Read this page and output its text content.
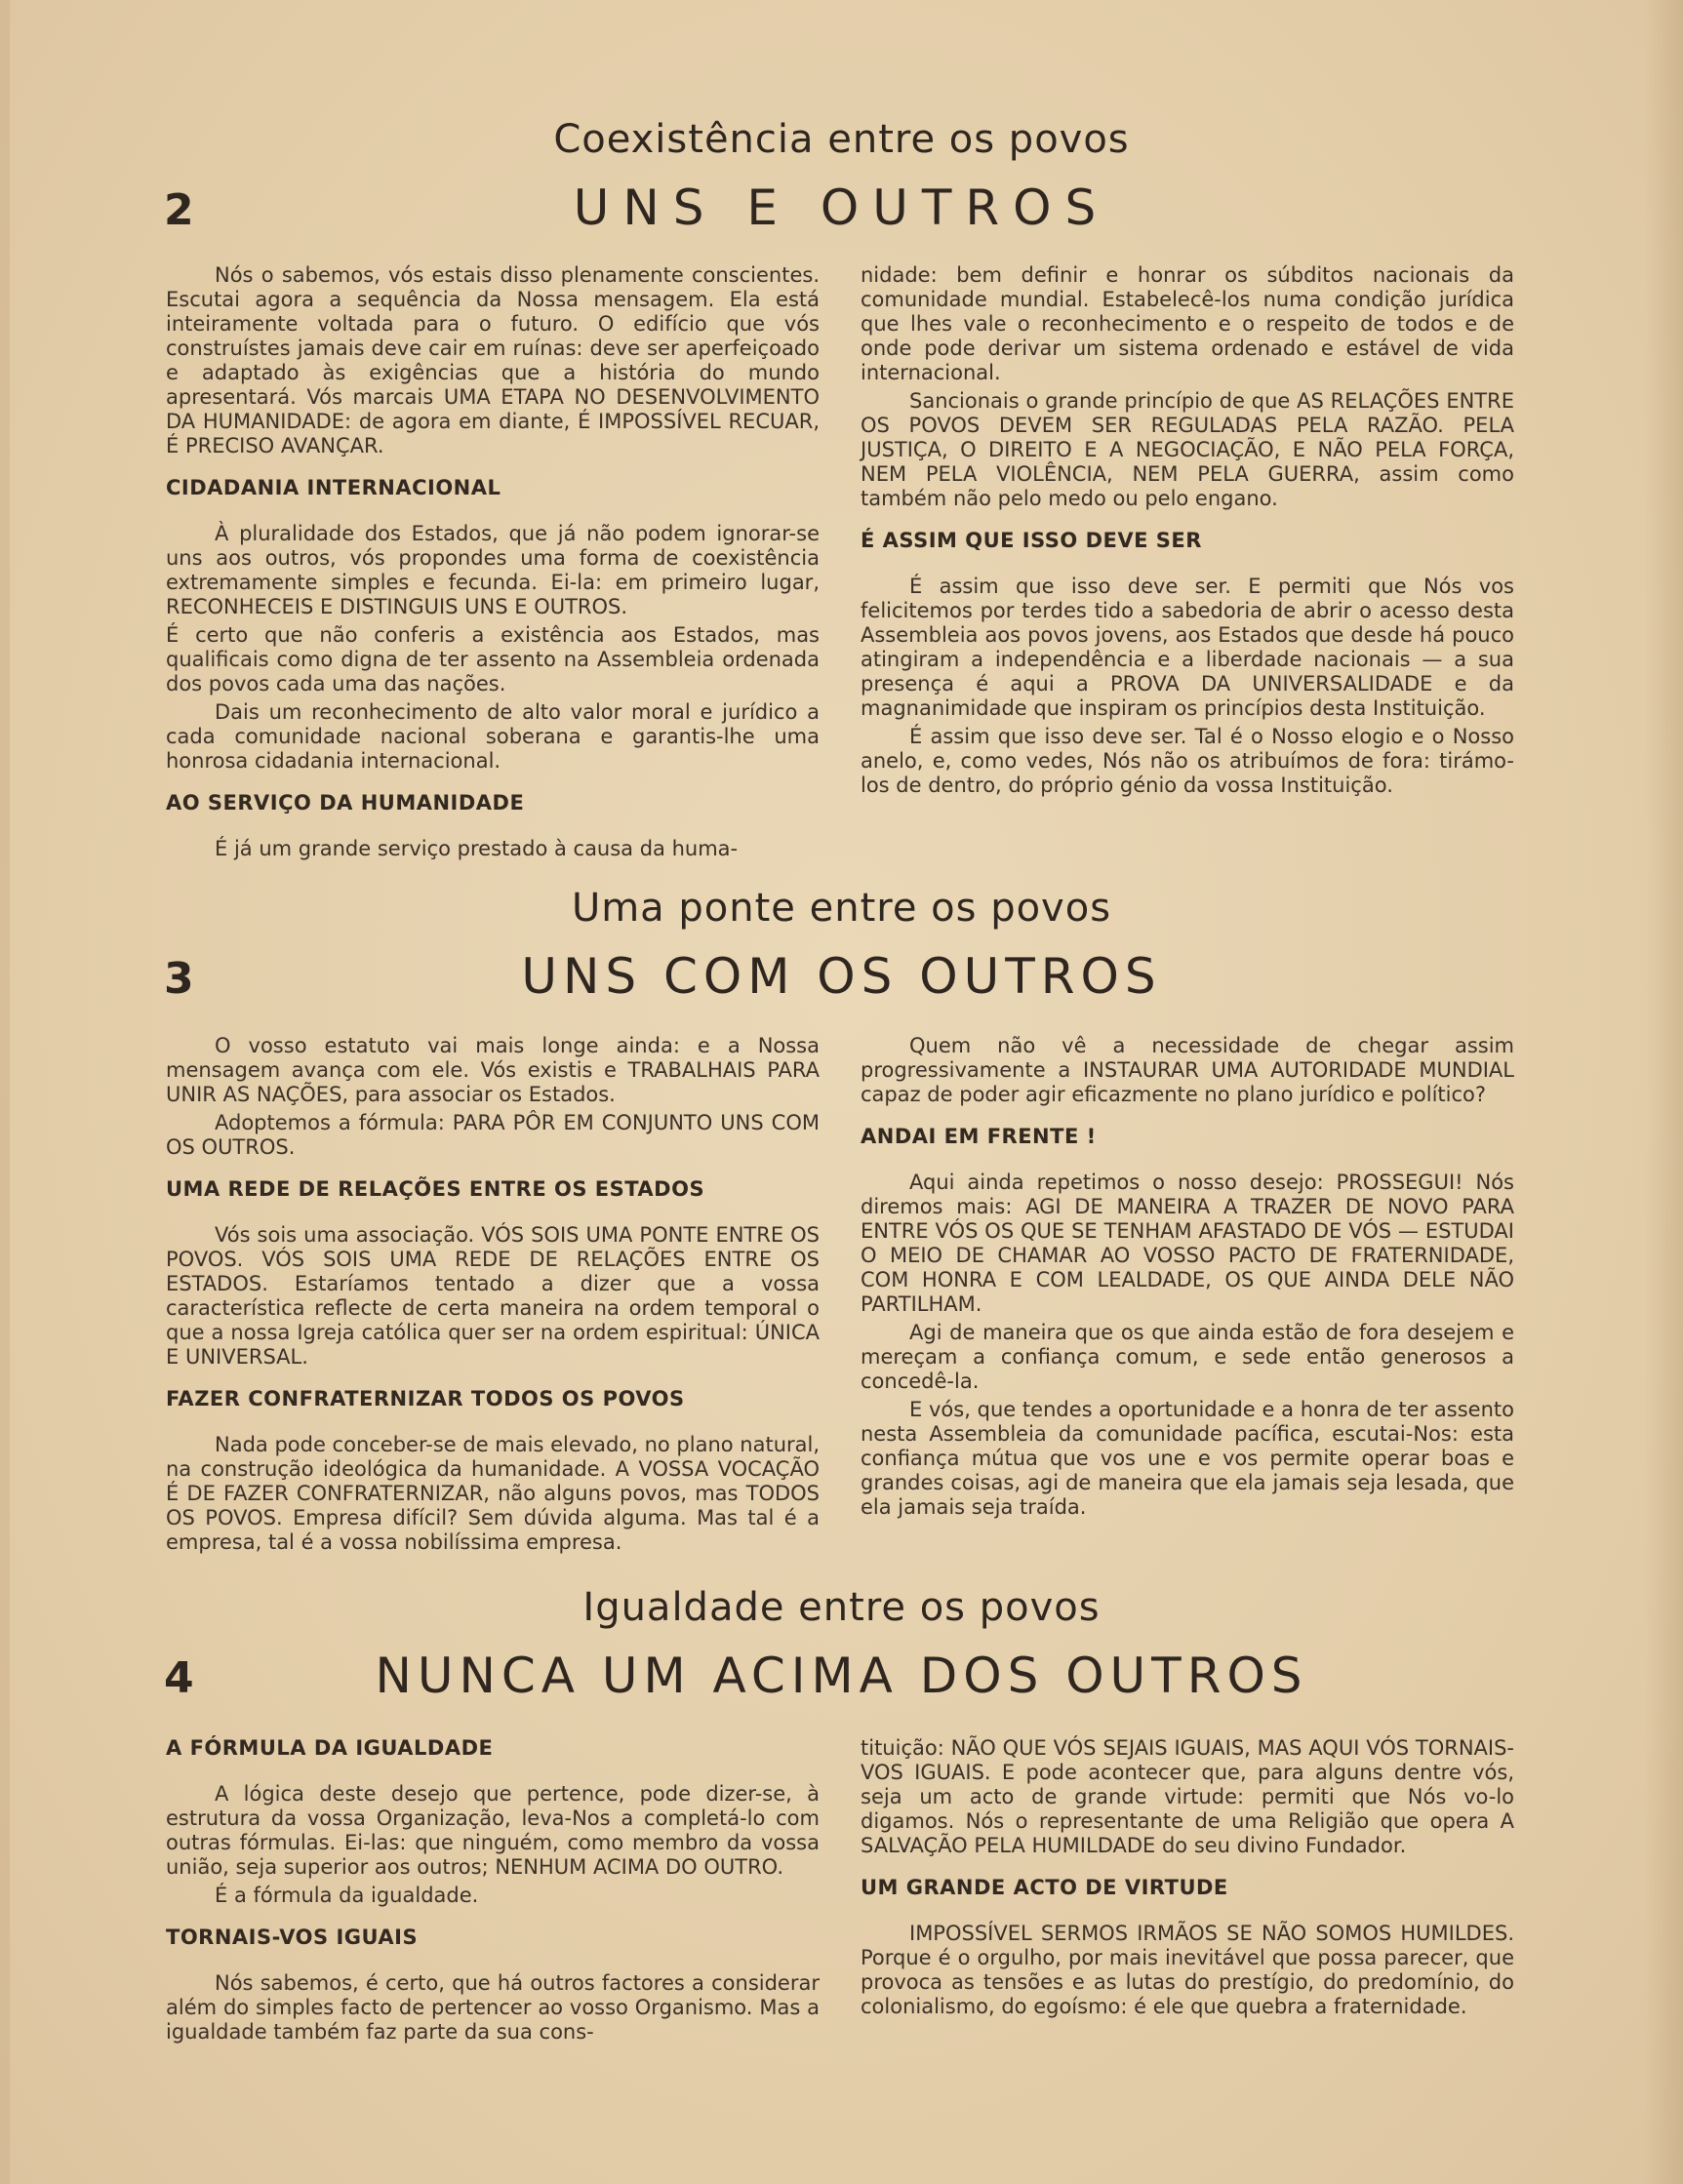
Coexistência entre os povos
2	UNS E OUTROS

Nós o sabemos, vós estais disso plenamente conscientes. Escutai agora a sequência da Nossa mensagem. Ela está inteiramente voltada para o futuro. O edifício que vós construístes jamais deve cair em ruínas: deve ser aperfeiçoado e adaptado às exigências que a história do mundo apresentará. Vós marcais UMA ETAPA NO DESENVOLVIMENTO DA HUMANIDADE: de agora em diante, É IMPOSSÍVEL RECUAR, É PRECISO AVANÇAR.

CIDADANIA INTERNACIONAL

À pluralidade dos Estados, que já não podem ignorar-se uns aos outros, vós propondes uma forma de coexistência extremamente simples e fecunda. Ei-la: em primeiro lugar, RECONHECEIS E DISTINGUIS UNS E OUTROS.

É certo que não conferis a existência aos Estados, mas qualificais como digna de ter assento na Assembleia ordenada dos povos cada uma das nações.

Dais um reconhecimento de alto valor moral e jurídico a cada comunidade nacional soberana e garantis-lhe uma honrosa cidadania internacional.

AO SERVIÇO DA HUMANIDADE

É já um grande serviço prestado à causa da huma-

nidade: bem definir e honrar os súbditos nacionais da comunidade mundial. Estabelecê-los numa condição jurídica que lhes vale o reconhecimento e o respeito de todos e de onde pode derivar um sistema ordenado e estável de vida internacional.

Sancionais o grande princípio de que AS RELAÇÕES ENTRE OS POVOS DEVEM SER REGULADAS PELA RAZÃO. PELA JUSTIÇA, O DIREITO E A NEGOCIAÇÃO, E NÃO PELA FORÇA, NEM PELA VIOLÊNCIA, NEM PELA GUERRA, assim como também não pelo medo ou pelo engano.

É ASSIM QUE ISSO DEVE SER

É assim que isso deve ser. E permiti que Nós vos felicitemos por terdes tido a sabedoria de abrir o acesso desta Assembleia aos povos jovens, aos Estados que desde há pouco atingiram a independência e a liberdade nacionais — a sua presença é aqui a PROVA DA UNIVERSALIDADE e da magnanimidade que inspiram os princípios desta Instituição.

É assim que isso deve ser. Tal é o Nosso elogio e o Nosso anelo, e, como vedes, Nós não os atribuímos de fora: tirámo-los de dentro, do próprio génio da vossa Instituição.

Uma ponte entre os povos
3	UNS COM OS OUTROS

O vosso estatuto vai mais longe ainda: e a Nossa mensagem avança com ele. Vós existis e TRABALHAIS PARA UNIR AS NAÇÕES, para associar os Estados.

Adoptemos a fórmula: PARA PÔR EM CONJUNTO UNS COM OS OUTROS.

UMA REDE DE RELAÇÕES ENTRE OS ESTADOS

Vós sois uma associação. VÓS SOIS UMA PONTE ENTRE OS POVOS. VÓS SOIS UMA REDE DE RELAÇÕES ENTRE OS ESTADOS. Estaríamos tentado a dizer que a vossa característica reflecte de certa maneira na ordem temporal o que a nossa Igreja católica quer ser na ordem espiritual: ÚNICA E UNIVERSAL.

FAZER CONFRATERNIZAR TODOS OS POVOS

Nada pode conceber-se de mais elevado, no plano natural, na construção ideológica da humanidade. A VOSSA VOCAÇÃO É DE FAZER CONFRATERNIZAR, não alguns povos, mas TODOS OS POVOS. Empresa difícil? Sem dúvida alguma. Mas tal é a empresa, tal é a vossa nobilíssima empresa.

Quem não vê a necessidade de chegar assim progressivamente a INSTAURAR UMA AUTORIDADE MUNDIAL capaz de poder agir eficazmente no plano jurídico e político?

ANDAI EM FRENTE !

Aqui ainda repetimos o nosso desejo: PROSSEGUI! Nós diremos mais: AGI DE MANEIRA A TRAZER DE NOVO PARA ENTRE VÓS OS QUE SE TENHAM AFASTADO DE VÓS — ESTUDAI O MEIO DE CHAMAR AO VOSSO PACTO DE FRATERNIDADE, COM HONRA E COM LEALDADE, OS QUE AINDA DELE NÃO PARTILHAM.

Agi de maneira que os que ainda estão de fora desejem e mereçam a confiança comum, e sede então generosos a concedê-la.

E vós, que tendes a oportunidade e a honra de ter assento nesta Assembleia da comunidade pacífica, escutai-Nos: esta confiança mútua que vos une e vos permite operar boas e grandes coisas, agi de maneira que ela jamais seja lesada, que ela jamais seja traída.

Igualdade entre os povos
4	NUNCA UM ACIMA DOS OUTROS
A FÓRMULA DA IGUALDADE

A lógica deste desejo que pertence, pode dizer-se, à estrutura da vossa Organização, leva-Nos a completá-lo com outras fórmulas. Ei-las: que ninguém, como membro da vossa união, seja superior aos outros; NENHUM ACIMA DO OUTRO.

É a fórmula da igualdade.

TORNAIS-VOS IGUAIS

Nós sabemos, é certo, que há outros factores a considerar além do simples facto de pertencer ao vosso Organismo. Mas a igualdade também faz parte da sua cons-

tituição: NÃO QUE VÓS SEJAIS IGUAIS, MAS AQUI VÓS TORNAIS-VOS IGUAIS. E pode acontecer que, para alguns dentre vós, seja um acto de grande virtude: permiti que Nós vo-lo digamos. Nós o representante de uma Religião que opera A SALVAÇÃO PELA HUMILDADE do seu divino Fundador.

UM GRANDE ACTO DE VIRTUDE

IMPOSSÍVEL SERMOS IRMÃOS SE NÃO SOMOS HUMILDES. Porque é o orgulho, por mais inevitável que possa parecer, que provoca as tensões e as lutas do prestígio, do predomínio, do colonialismo, do egoísmo: é ele que quebra a fraternidade.
